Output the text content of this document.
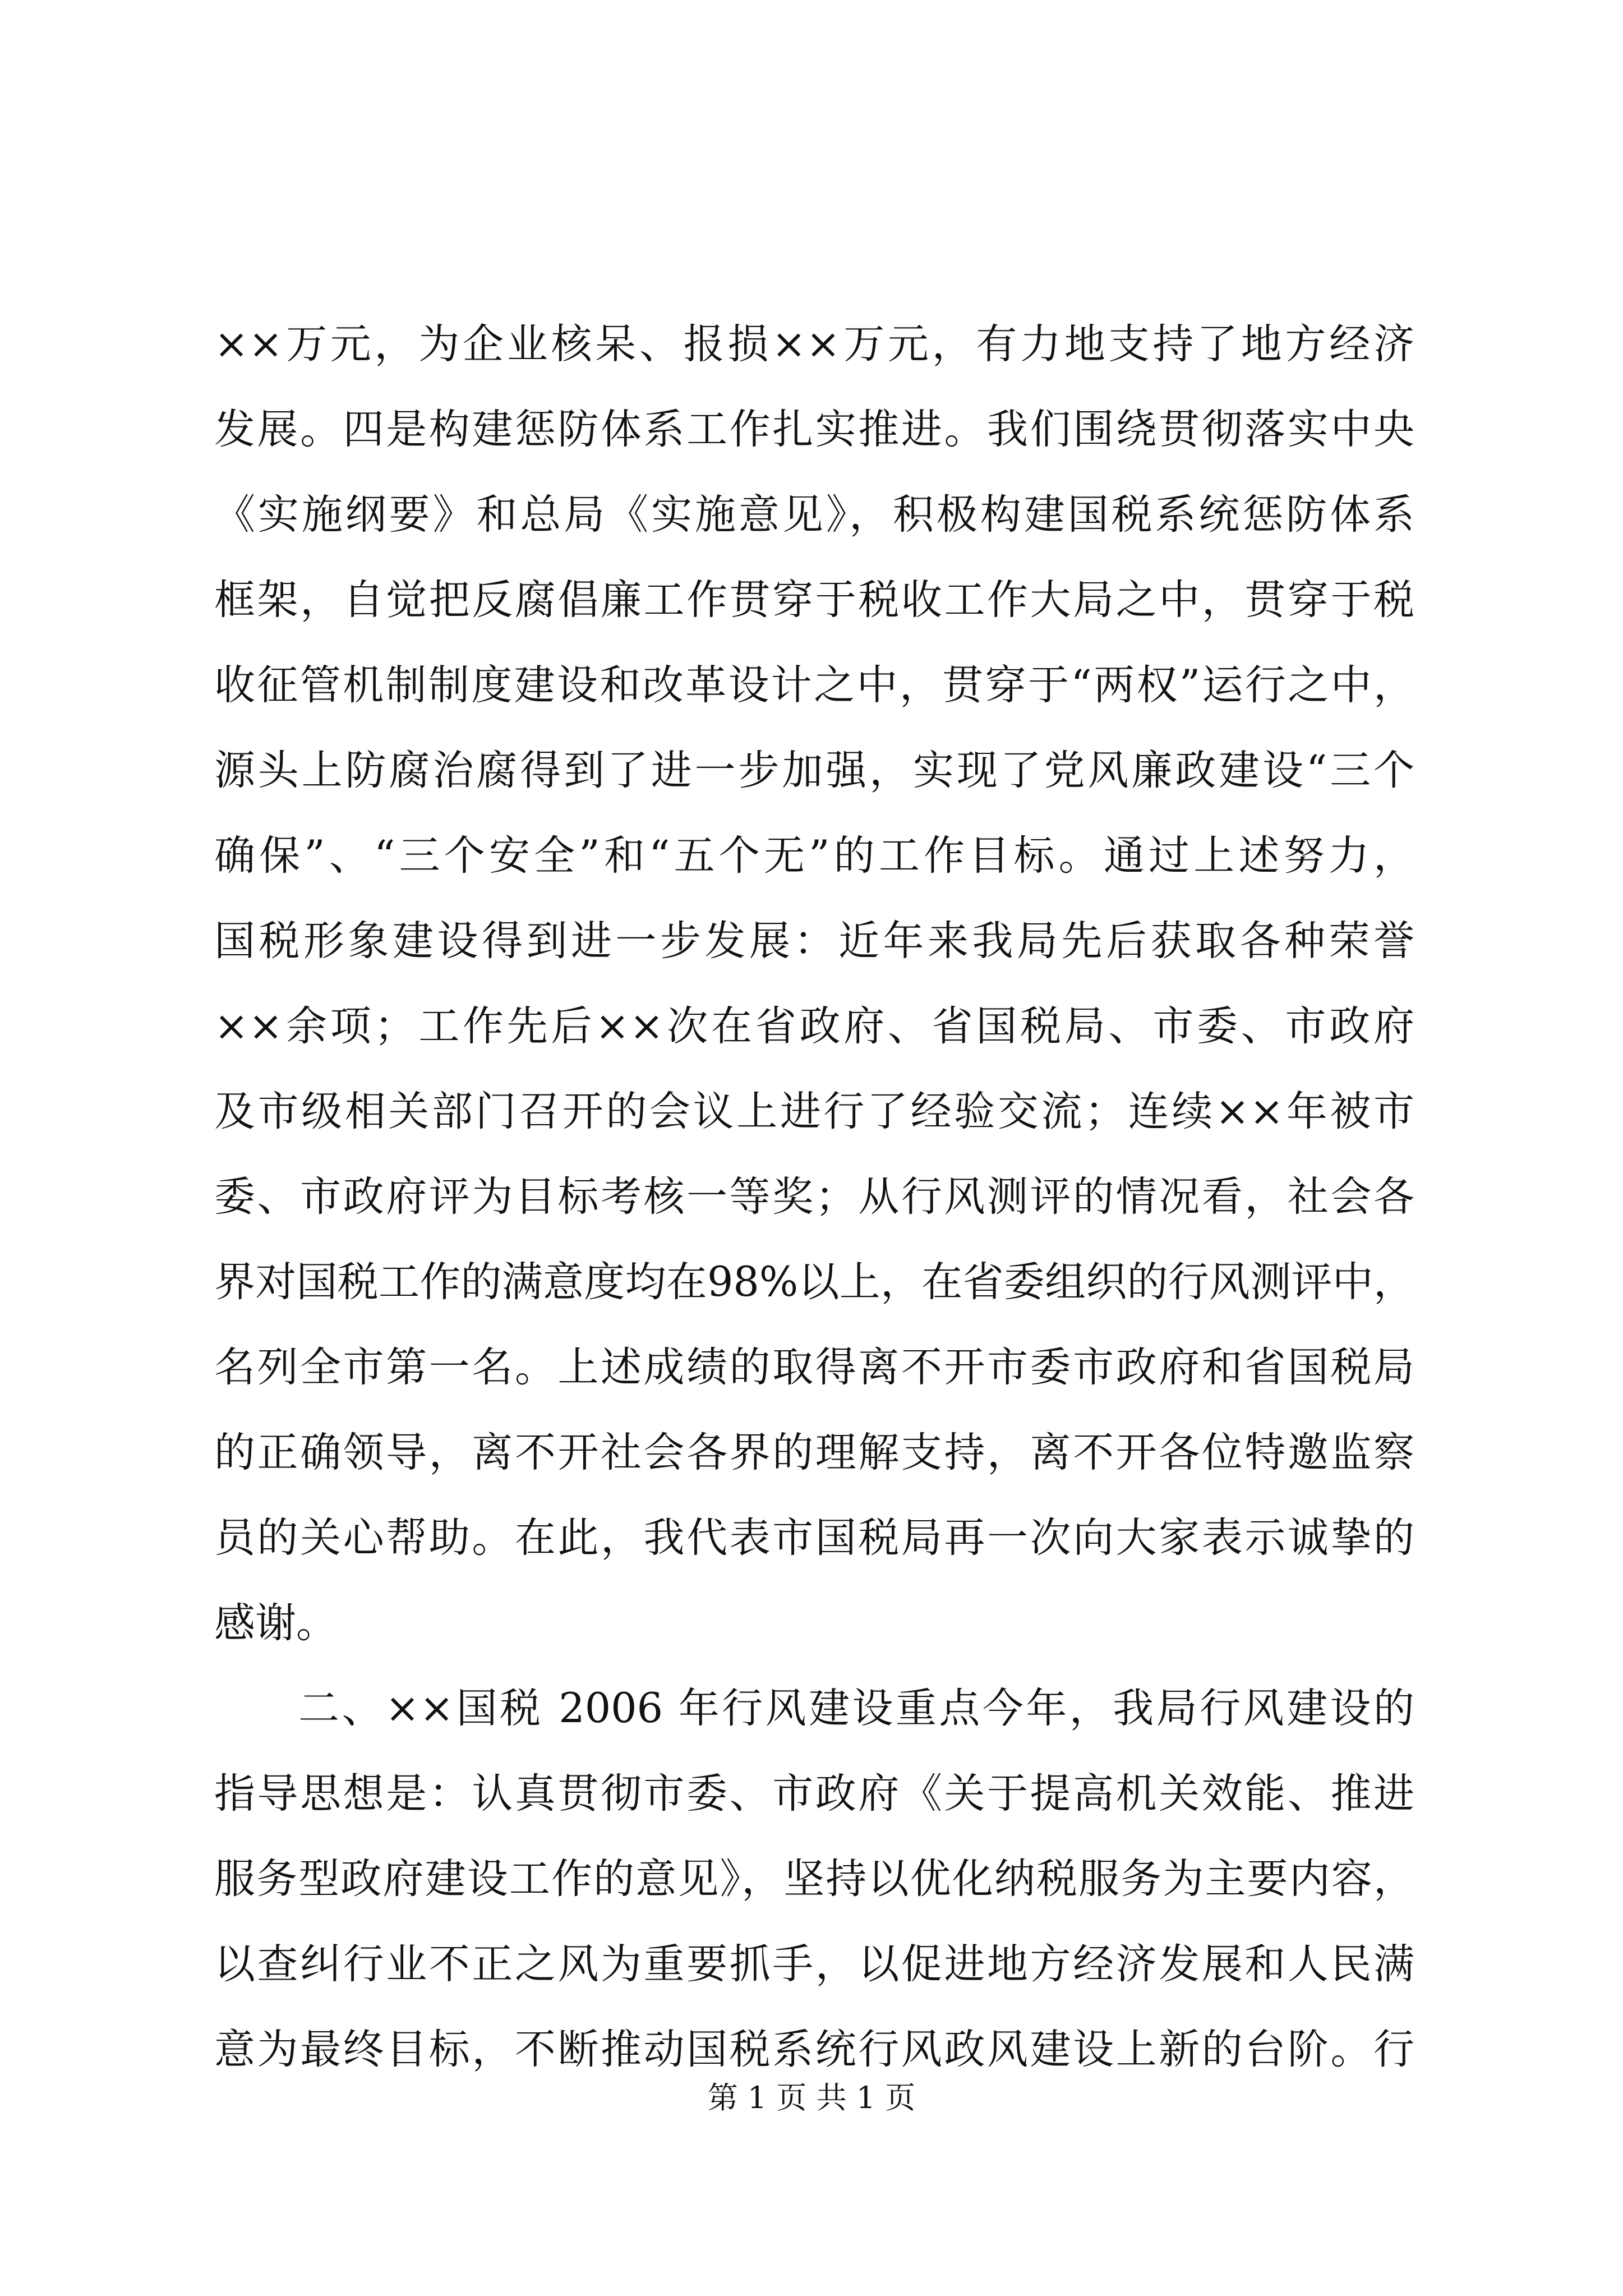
××万元，为企业核呆、报损××万元，有力地支持了地方经济
发展。四是构建惩防体系工作扎实推进。我们围绕贯彻落实中央
《实施纲要》和总局《实施意见》，积极构建国税系统惩防体系
框架，自觉把反腐倡廉工作贯穿于税收工作大局之中，贯穿于税
收征管机制制度建设和改革设计之中，贯穿于“两权”运行之中，
源头上防腐治腐得到了进一步加强，实现了党风廉政建设“三个
确保”、“三个安全”和“五个无”的工作目标。通过上述努力，
国税形象建设得到进一步发展：近年来我局先后获取各种荣誉
××余项；工作先后××次在省政府、省国税局、市委、市政府
及市级相关部门召开的会议上进行了经验交流；连续××年被市
委、市政府评为目标考核一等奖；从行风测评的情况看，社会各
界对国税工作的满意度均在98%以上，在省委组织的行风测评中，
名列全市第一名。上述成绩的取得离不开市委市政府和省国税局
的正确领导，离不开社会各界的理解支持，离不开各位特邀监察
员的关心帮助。在此，我代表市国税局再一次向大家表示诚挚的
感谢。
二、××国税 2006 年行风建设重点今年，我局行风建设的
指导思想是：认真贯彻市委、市政府《关于提高机关效能、推进
服务型政府建设工作的意见》，坚持以优化纳税服务为主要内容，
以查纠行业不正之风为重要抓手，以促进地方经济发展和人民满
意为最终目标，不断推动国税系统行风政风建设上新的台阶。行
第 1 页 共 1 页
